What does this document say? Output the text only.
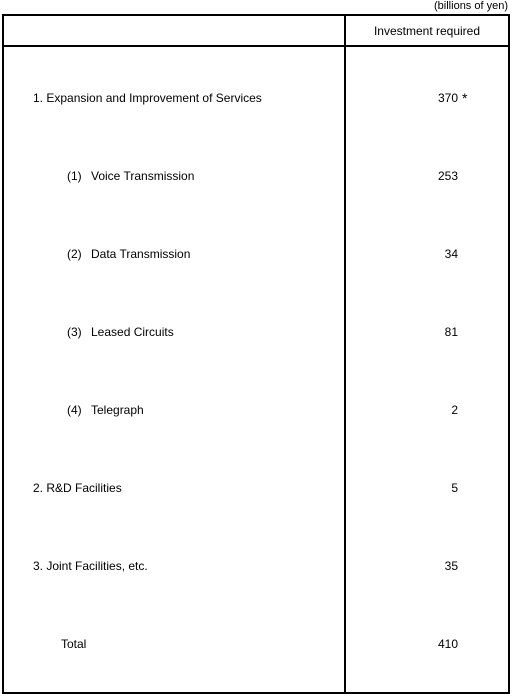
(billions of yen)
Investment required
1. Expansion and Improvement of Services	370 *
(1) Voice Transmission	253
(2) Data Transmission	34
(3) Leased Circuits	81
(4) Telegraph	2
2. R&D Facilities	5
3. Joint Facilities, etc.	35
Total	410
